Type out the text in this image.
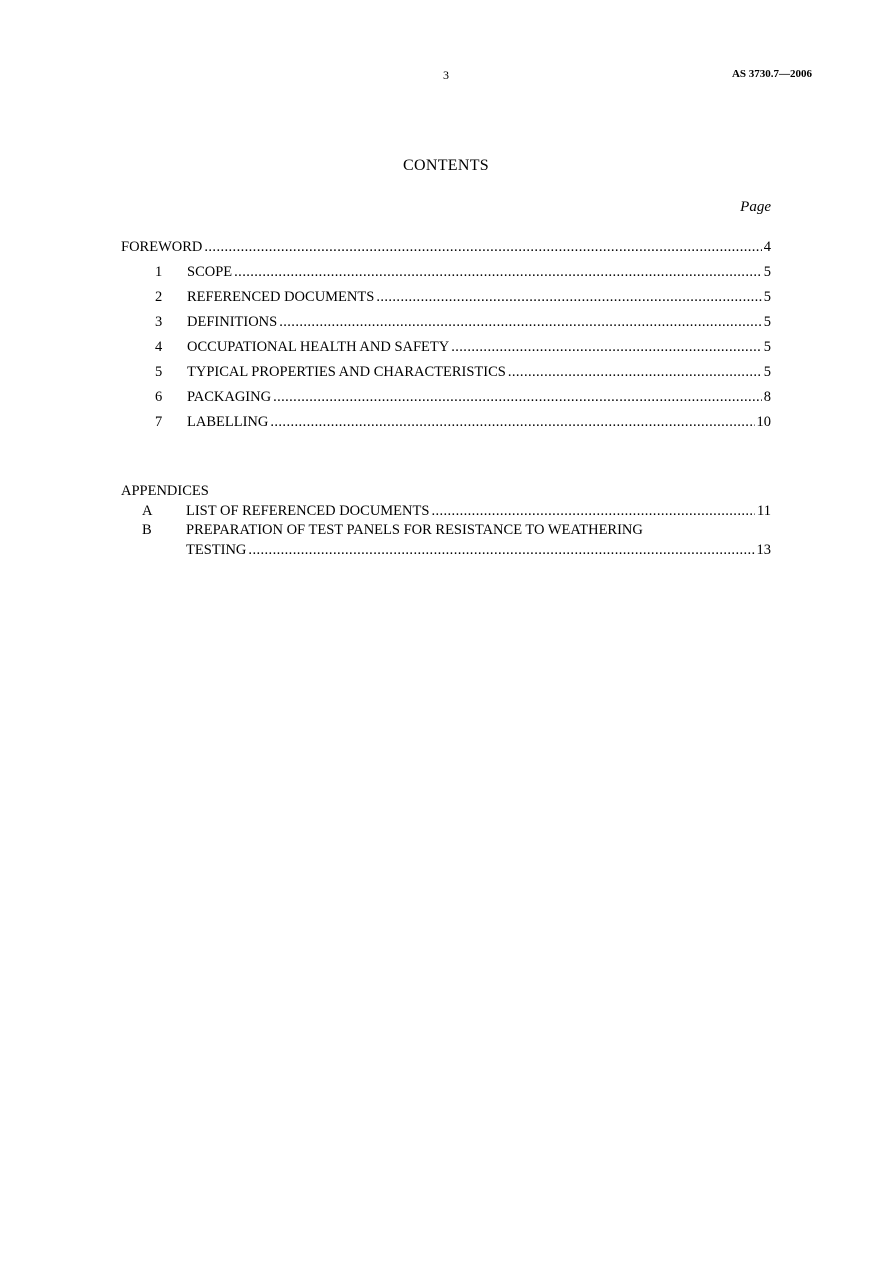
3	AS 3730.7—2006
CONTENTS
Page
FOREWORD .....	4
1	SCOPE .....	5
2	REFERENCED DOCUMENTS .....	5
3	DEFINITIONS .....	5
4	OCCUPATIONAL HEALTH AND SAFETY .....	5
5	TYPICAL PROPERTIES AND CHARACTERISTICS .....	5
6	PACKAGING .....	8
7	LABELLING .....	10
APPENDICES
A	LIST OF REFERENCED DOCUMENTS .....	11
B	PREPARATION OF TEST PANELS FOR RESISTANCE TO WEATHERING
TESTING .....	13
